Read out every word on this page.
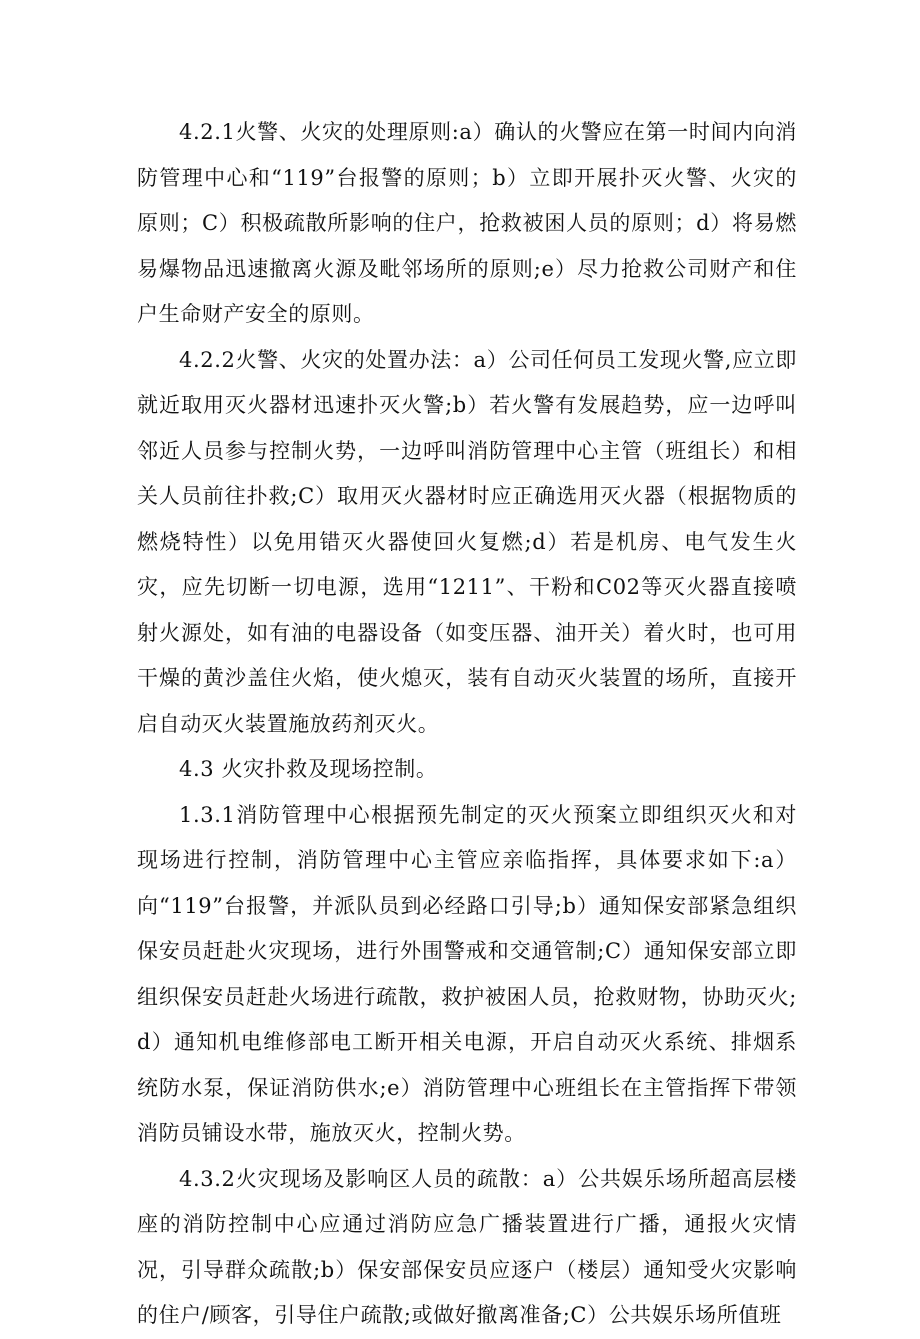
4.2.1火警、火灾的处理原则:a）确认的火警应在第一时间内向消防管理中心和“119”台报警的原则；b）立即开展扑灭火警、火灾的原则；C）积极疏散所影响的住户，抢救被困人员的原则；d）将易燃易爆物品迅速撤离火源及毗邻场所的原则;e）尽力抢救公司财产和住户生命财产安全的原则。

4.2.2火警、火灾的处置办法：a）公司任何员工发现火警,应立即就近取用灭火器材迅速扑灭火警;b）若火警有发展趋势，应一边呼叫邻近人员参与控制火势，一边呼叫消防管理中心主管（班组长）和相关人员前往扑救;C）取用灭火器材时应正确选用灭火器（根据物质的燃烧特性）以免用错灭火器使回火复燃;d）若是机房、电气发生火灾，应先切断一切电源，选用“1211”、干粉和C02等灭火器直接喷射火源处，如有油的电器设备（如变压器、油开关）着火时，也可用干燥的黄沙盖住火焰，使火熄灭，装有自动灭火装置的场所，直接开启自动灭火装置施放药剂灭火。

4.3 火灾扑救及现场控制。

1.3.1消防管理中心根据预先制定的灭火预案立即组织灭火和对现场进行控制，消防管理中心主管应亲临指挥，具体要求如下:a）向“119”台报警，并派队员到必经路口引导;b）通知保安部紧急组织保安员赶赴火灾现场，进行外围警戒和交通管制;C）通知保安部立即组织保安员赶赴火场进行疏散，救护被困人员，抢救财物，协助灭火;d）通知机电维修部电工断开相关电源，开启自动灭火系统、排烟系统防水泵，保证消防供水;e）消防管理中心班组长在主管指挥下带领消防员铺设水带，施放灭火，控制火势。

4.3.2火灾现场及影响区人员的疏散：a）公共娱乐场所超高层楼座的消防控制中心应通过消防应急广播装置进行广播，通报火灾情况，引导群众疏散;b）保安部保安员应逐户（楼层）通知受火灾影响的住户/顾客，引导住户疏散;或做好撤离准备;C）公共娱乐场所值班
